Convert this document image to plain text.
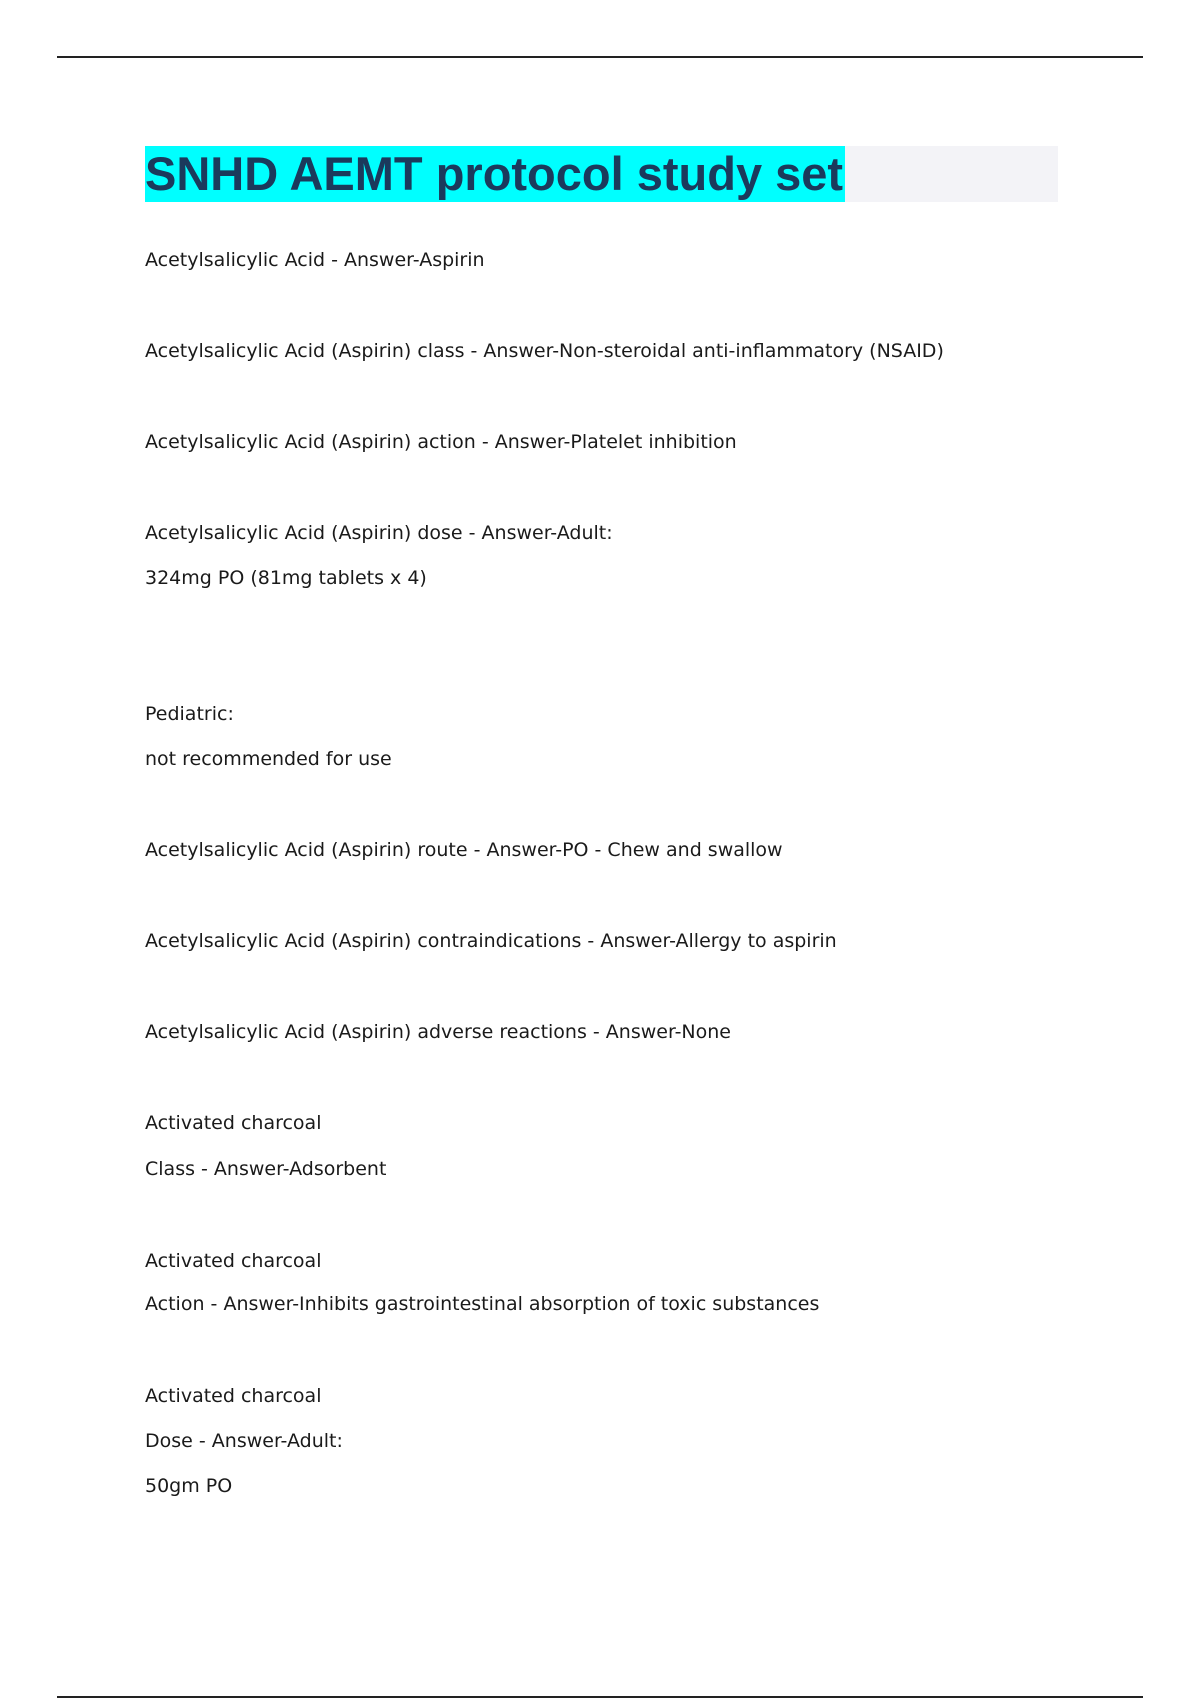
SNHD AEMT protocol study set
Acetylsalicylic Acid - Answer-Aspirin
Acetylsalicylic Acid (Aspirin) class - Answer-Non-steroidal anti-inflammatory (NSAID)
Acetylsalicylic Acid (Aspirin) action - Answer-Platelet inhibition
Acetylsalicylic Acid (Aspirin) dose - Answer-Adult:
324mg PO (81mg tablets x 4)
Pediatric:
not recommended for use
Acetylsalicylic Acid (Aspirin) route - Answer-PO - Chew and swallow
Acetylsalicylic Acid (Aspirin) contraindications - Answer-Allergy to aspirin
Acetylsalicylic Acid (Aspirin) adverse reactions - Answer-None
Activated charcoal
Class - Answer-Adsorbent
Activated charcoal
Action - Answer-Inhibits gastrointestinal absorption of toxic substances
Activated charcoal
Dose - Answer-Adult:
50gm PO
